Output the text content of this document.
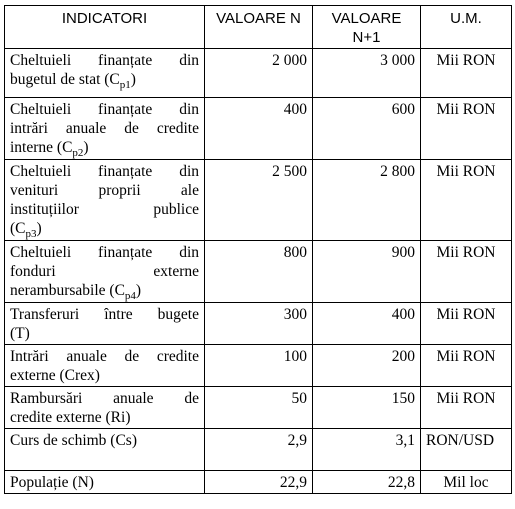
INDICATORI	VALOARE N	VALOARE N+1	U.M.

Cheltuieli finanțate din
bugetul de stat $(C_{p1})$	2 000	3 000	Mii RON

Cheltuieli finanțate din
intrări anuale de credite
interne $(C_{p2})$	400	600	Mii RON

Cheltuieli finanțate din
venituri proprii ale
instituțiilor publice
$(C_{p3})$	2 500	2 800	Mii RON

Cheltuieli finanțate din
fonduri externe
nerambursabile $(C_{p4})$	800	900	Mii RON

Transferuri între bugete
(T)	300	400	Mii RON

Intrări anuale de credite
externe (Crex)	100	200	Mii RON

Rambursări anuale de
credite externe (Ri)	50	150	Mii RON

Curs de schimb (Cs)	2,9	3,1	RON/USD

Populație (N)	22,9	22,8	Mil loc
